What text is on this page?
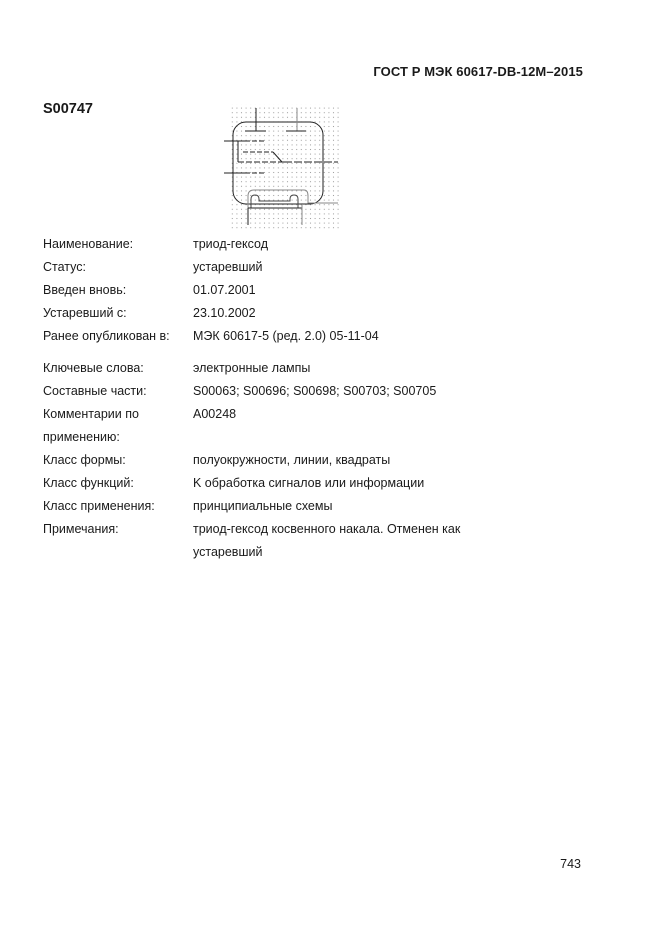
ГОСТ Р МЭК 60617-DB-12M–2015
S00747
Наименование:	триод-гексод
Статус:	устаревший
Введен вновь:	01.07.2001
Устаревший с:	23.10.2002
Ранее опубликован в:	МЭК 60617-5 (ред. 2.0) 05-11-04
Ключевые слова:	электронные лампы
Составные части:	S00063; S00696; S00698; S00703; S00705
Комментарии по	A00248
применению:
Класс формы:	полуокружности, линии, квадраты
Класс функций:	K обработка сигналов или информации
Класс применения:	принципиальные схемы
Примечания:	триод-гексод косвенного накала. Отменен как
устаревший
743
